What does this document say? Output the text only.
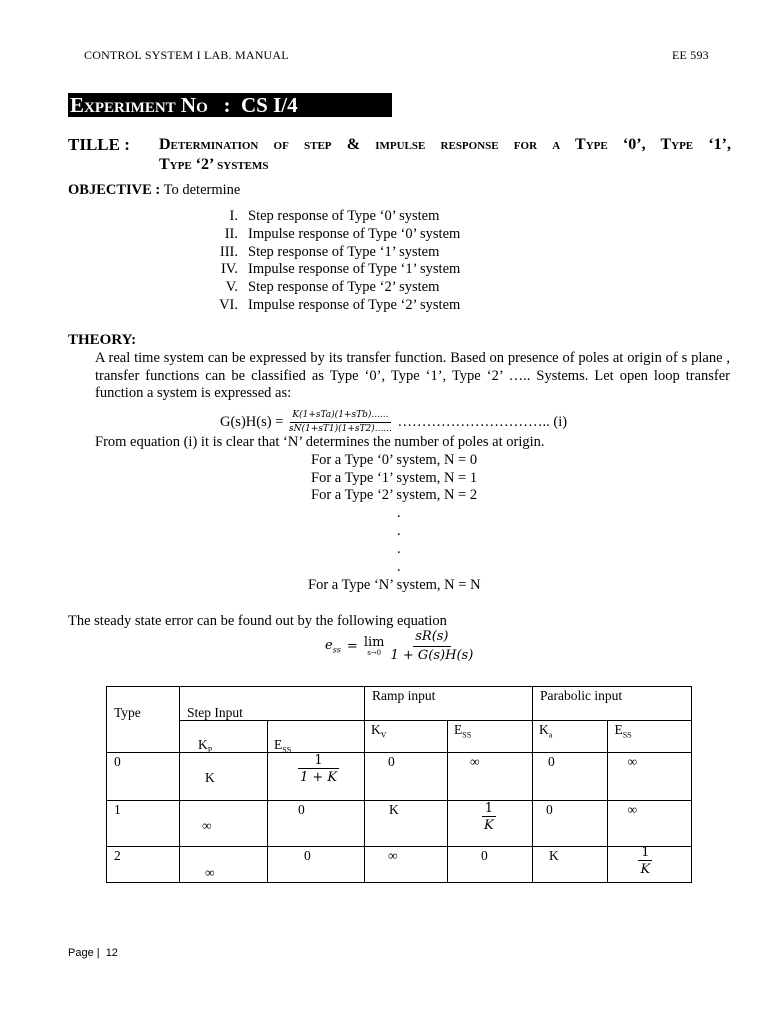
CONTROL SYSTEM I LAB. MANUAL	EE 593
Experiment No : CS I/4
TILLE : Determination of step & impulse response for a Type ‘0’, Type ‘1’,
Type ‘2’ systems
OBJECTIVE : To determine
I. Step response of Type ‘0’ system
II. Impulse response of Type ‘0’ system
III. Step response of Type ‘1’ system
IV. Impulse response of Type ‘1’ system
V. Step response of Type ‘2’ system
VI. Impulse response of Type ‘2’ system
THEORY:
A real time system can be expressed by its transfer function. Based on presence of poles at origin of s plane , transfer functions can be classified as Type ‘0’, Type ‘1’, Type ‘2’ ….. Systems. Let open loop transfer function a system is expressed as:
$G(s)H(s) = \frac{\text{K(1+sTa)(1+sTb)......}}{sN(1+sT1)(1+sT2)......}$ ………………………….. (i)
From equation (i) it is clear that ‘N’ determines the number of poles at origin.
For a Type ‘0’ system, N = 0
For a Type ‘1’ system, N = 1
For a Type ‘2’ system, N = 2
.
.
.
.
For a Type ‘N’ system, N = N
The steady state error can be found out by the following equation
$e_{ss} = \lim$
$s\to 0 \frac{sR(s)}{1 + G(s)H(s)}$
Type	Step Input		Ramp input		Parabolic input	

	$K_P$	$E_{SS}$	$K_V$	$E_{SS}$	$K_a$	$E_{SS}$

0	K	$\frac{1}{1 + K}$	0	∞	0	∞

1	∞	0	K	$\frac{1}{K}$	0	∞

2	∞	0	∞	0	K	$\frac{1}{K}$
Page | 12
